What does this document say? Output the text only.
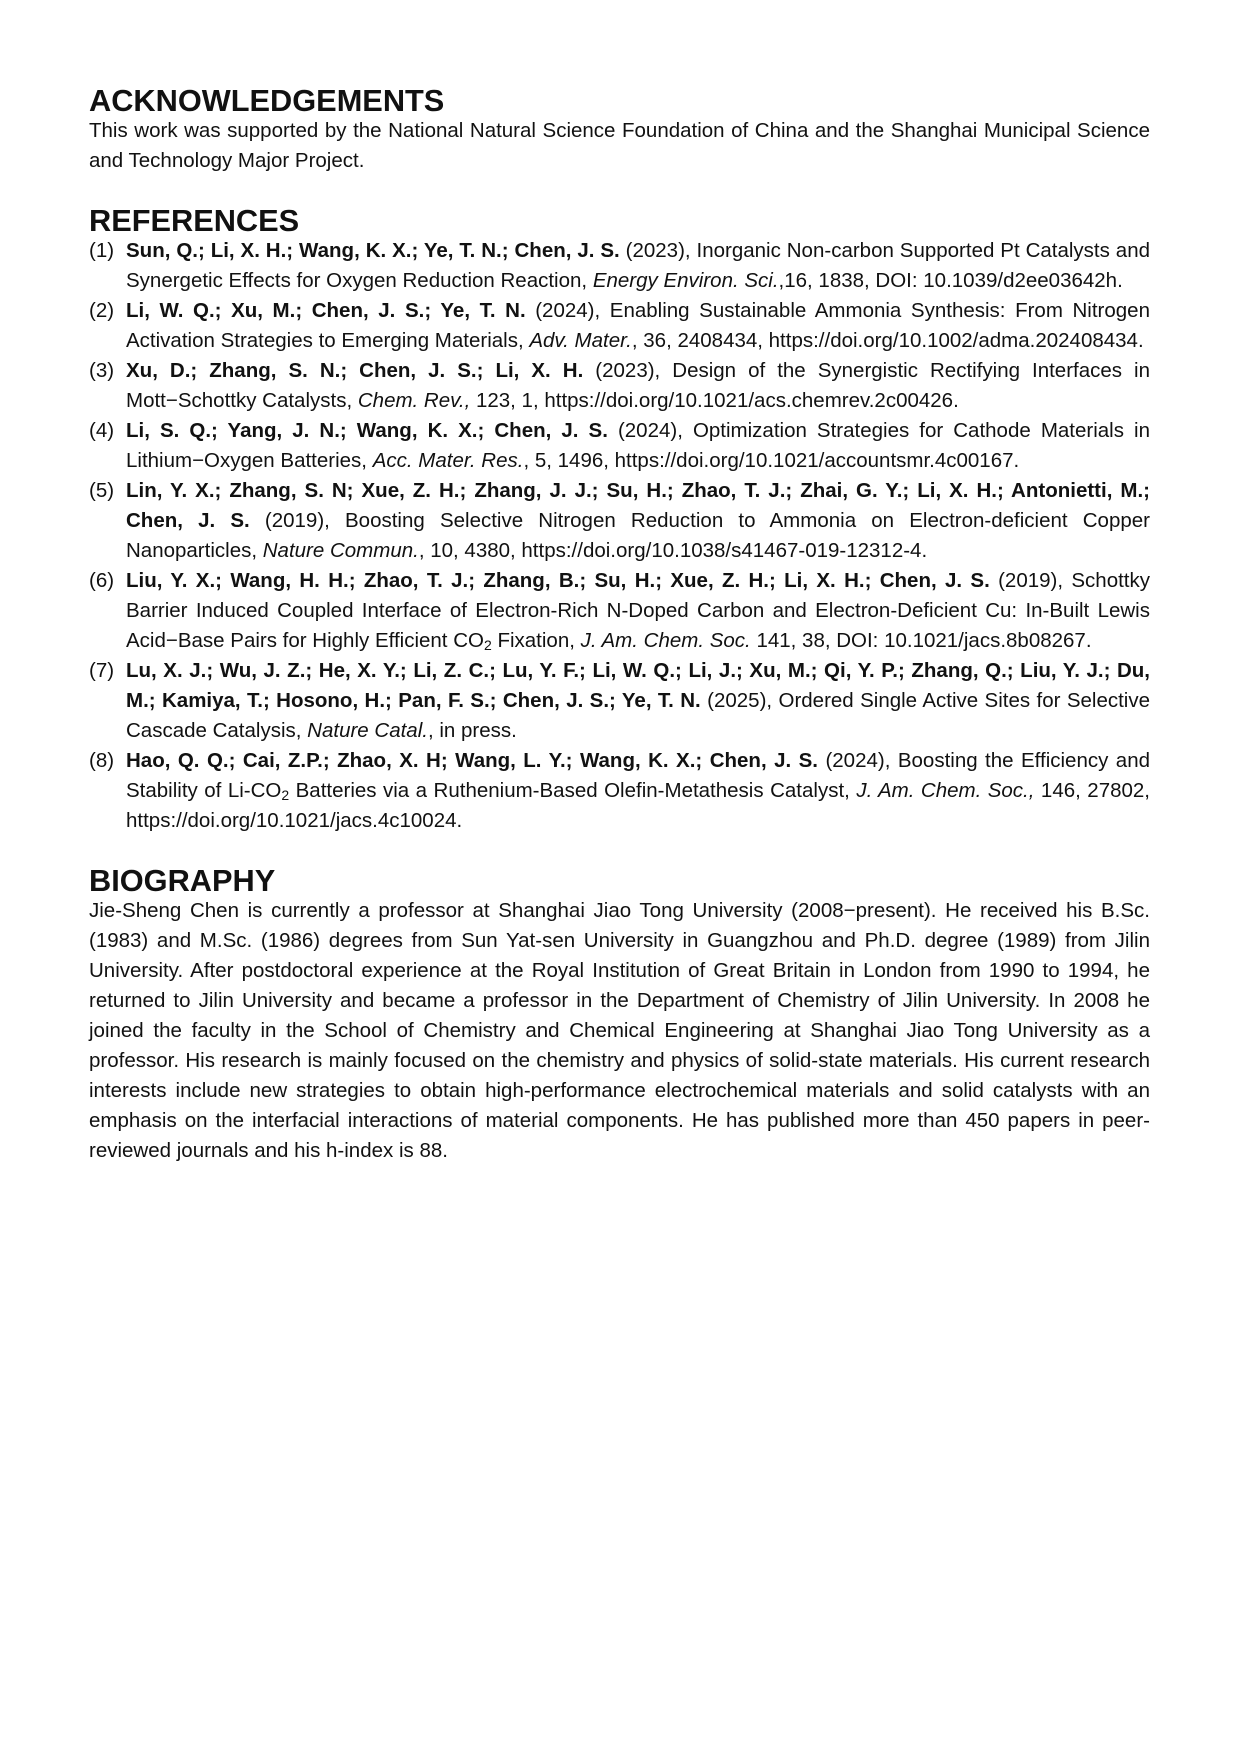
ACKNOWLEDGEMENTS

This work was supported by the National Natural Science Foundation of China and the Shanghai Municipal Science and Technology Major Project.

REFERENCES
(1) Sun, Q.; Li, X. H.; Wang, K. X.; Ye, T. N.; Chen, J. S. (2023), Inorganic Non-carbon Supported Pt Catalysts and Synergetic Effects for Oxygen Reduction Reaction, Energy Environ. Sci.,16, 1838, DOI: 10.1039/d2ee03642h.
(2) Li, W. Q.; Xu, M.; Chen, J. S.; Ye, T. N. (2024), Enabling Sustainable Ammonia Synthesis: From Nitrogen Activation Strategies to Emerging Materials, Adv. Mater., 36, 2408434, https://doi.org/10.1002/adma.202408434.
(3) Xu, D.; Zhang, S. N.; Chen, J. S.; Li, X. H. (2023), Design of the Synergistic Rectifying Interfaces in Mott−Schottky Catalysts, Chem. Rev., 123, 1, https://doi.org/10.1021/acs.chemrev.2c00426.
(4) Li, S. Q.; Yang, J. N.; Wang, K. X.; Chen, J. S. (2024), Optimization Strategies for Cathode Materials in Lithium−Oxygen Batteries, Acc. Mater. Res., 5, 1496, https://doi.org/10.1021/accountsmr.4c00167.
(5) Lin, Y. X.; Zhang, S. N; Xue, Z. H.; Zhang, J. J.; Su, H.; Zhao, T. J.; Zhai, G. Y.; Li, X. H.; Antonietti, M.; Chen, J. S. (2019), Boosting Selective Nitrogen Reduction to Ammonia on Electron-deficient Copper Nanoparticles, Nature Commun., 10, 4380, https://doi.org/10.1038/s41467-019-12312-4.
(6) Liu, Y. X.; Wang, H. H.; Zhao, T. J.; Zhang, B.; Su, H.; Xue, Z. H.; Li, X. H.; Chen, J. S. (2019), Schottky Barrier Induced Coupled Interface of Electron-Rich N-Doped Carbon and Electron-Deficient Cu: In-Built Lewis Acid−Base Pairs for Highly Efficient $CO_2$ Fixation, J. Am. Chem. Soc. 141, 38, DOI: 10.1021/jacs.8b08267.
(7) Lu, X. J.; Wu, J. Z.; He, X. Y.; Li, Z. C.; Lu, Y. F.; Li, W. Q.; Li, J.; Xu, M.; Qi, Y. P.; Zhang, Q.; Liu, Y. J.; Du, M.; Kamiya, T.; Hosono, H.; Pan, F. S.; Chen, J. S.; Ye, T. N. (2025), Ordered Single Active Sites for Selective Cascade Catalysis, Nature Catal., in press.
(8) Hao, Q. Q.; Cai, Z.P.; Zhao, X. H; Wang, L. Y.; Wang, K. X.; Chen, J. S. (2024), Boosting the Efficiency and Stability of $Li-CO_2$ Batteries via a Ruthenium-Based Olefin-Metathesis Catalyst, J. Am. Chem. Soc., 146, 27802, https://doi.org/10.1021/jacs.4c10024.
BIOGRAPHY

Jie-Sheng Chen is currently a professor at Shanghai Jiao Tong University (2008−present). He received his B.Sc. (1983) and M.Sc. (1986) degrees from Sun Yat-sen University in Guangzhou and Ph.D. degree (1989) from Jilin University. After postdoctoral experience at the Royal Institution of Great Britain in London from 1990 to 1994, he returned to Jilin University and became a professor in the Department of Chemistry of Jilin University. In 2008 he joined the faculty in the School of Chemistry and Chemical Engineering at Shanghai Jiao Tong University as a professor. His research is mainly focused on the chemistry and physics of solid-state materials. His current research interests include new strategies to obtain high-performance electrochemical materials and solid catalysts with an emphasis on the interfacial interactions of material components. He has published more than 450 papers in peer-reviewed journals and his h-index is 88.
